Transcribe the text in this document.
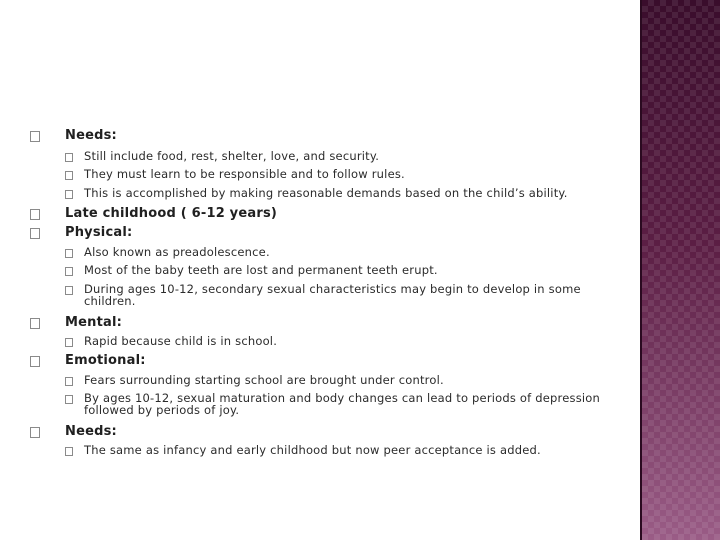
Needs:
Still include food, rest, shelter, love, and security.
They must learn to be responsible and to follow rules.
This is accomplished by making reasonable demands based on the child’s ability.
Late childhood ( 6-12 years)
Physical:
Also known as preadolescence.
Most of the baby teeth are lost and permanent teeth erupt.
During ages 10-12, secondary sexual characteristics may begin to develop in some children.
Mental:
Rapid because child is in school.
Emotional:
Fears surrounding starting school are brought under control.
By ages 10-12, sexual maturation and body changes can lead to periods of depression followed by periods of joy.
Needs:
The same as infancy and early childhood but now peer acceptance is added.
